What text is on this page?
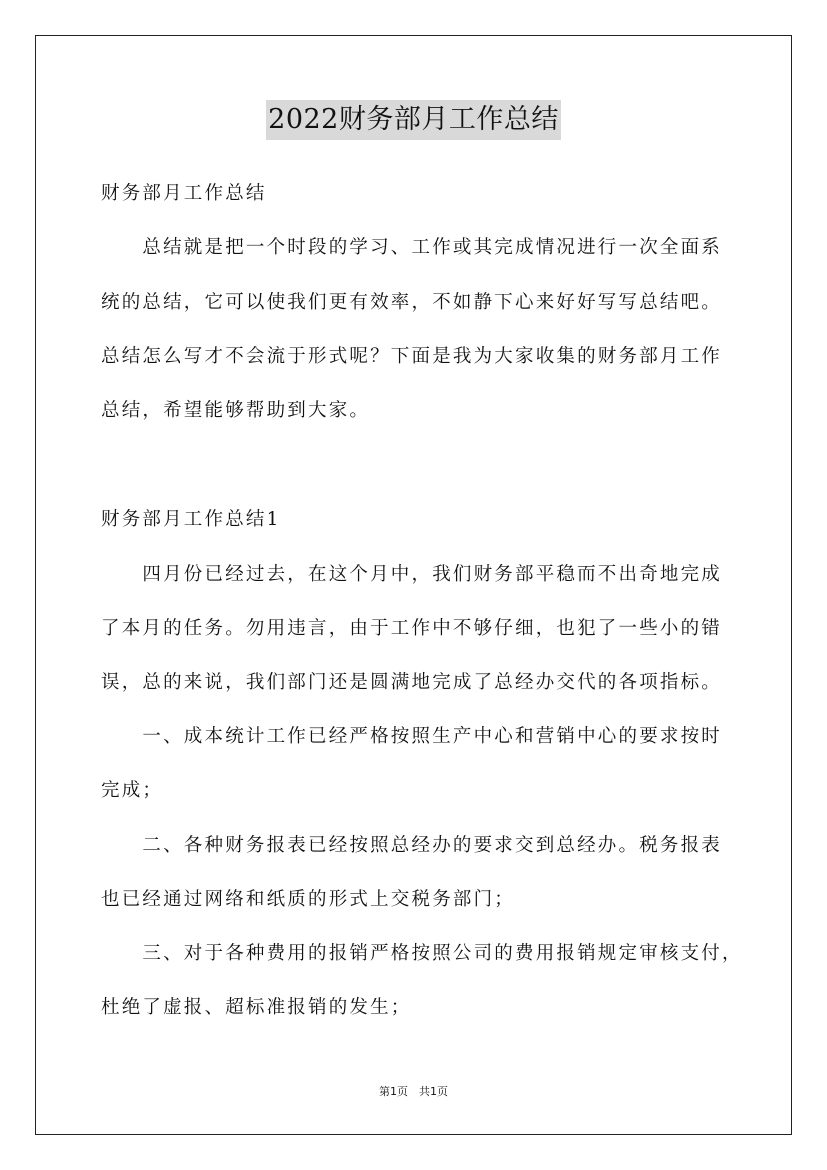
2022财务部月工作总结
财务部月工作总结
　　总结就是把一个时段的学习、工作或其完成情况进行一次全面系
统的总结，它可以使我们更有效率，不如静下心来好好写写总结吧。
总结怎么写才不会流于形式呢？下面是我为大家收集的财务部月工作
总结，希望能够帮助到大家。
财务部月工作总结1
　　四月份已经过去，在这个月中，我们财务部平稳而不出奇地完成
了本月的任务。勿用违言，由于工作中不够仔细，也犯了一些小的错
误，总的来说，我们部门还是圆满地完成了总经办交代的各项指标。
　　一、成本统计工作已经严格按照生产中心和营销中心的要求按时
完成；
　　二、各种财务报表已经按照总经办的要求交到总经办。税务报表
也已经通过网络和纸质的形式上交税务部门；
　　三、对于各种费用的报销严格按照公司的费用报销规定审核支付，
杜绝了虚报、超标准报销的发生；
第1页　共1页
